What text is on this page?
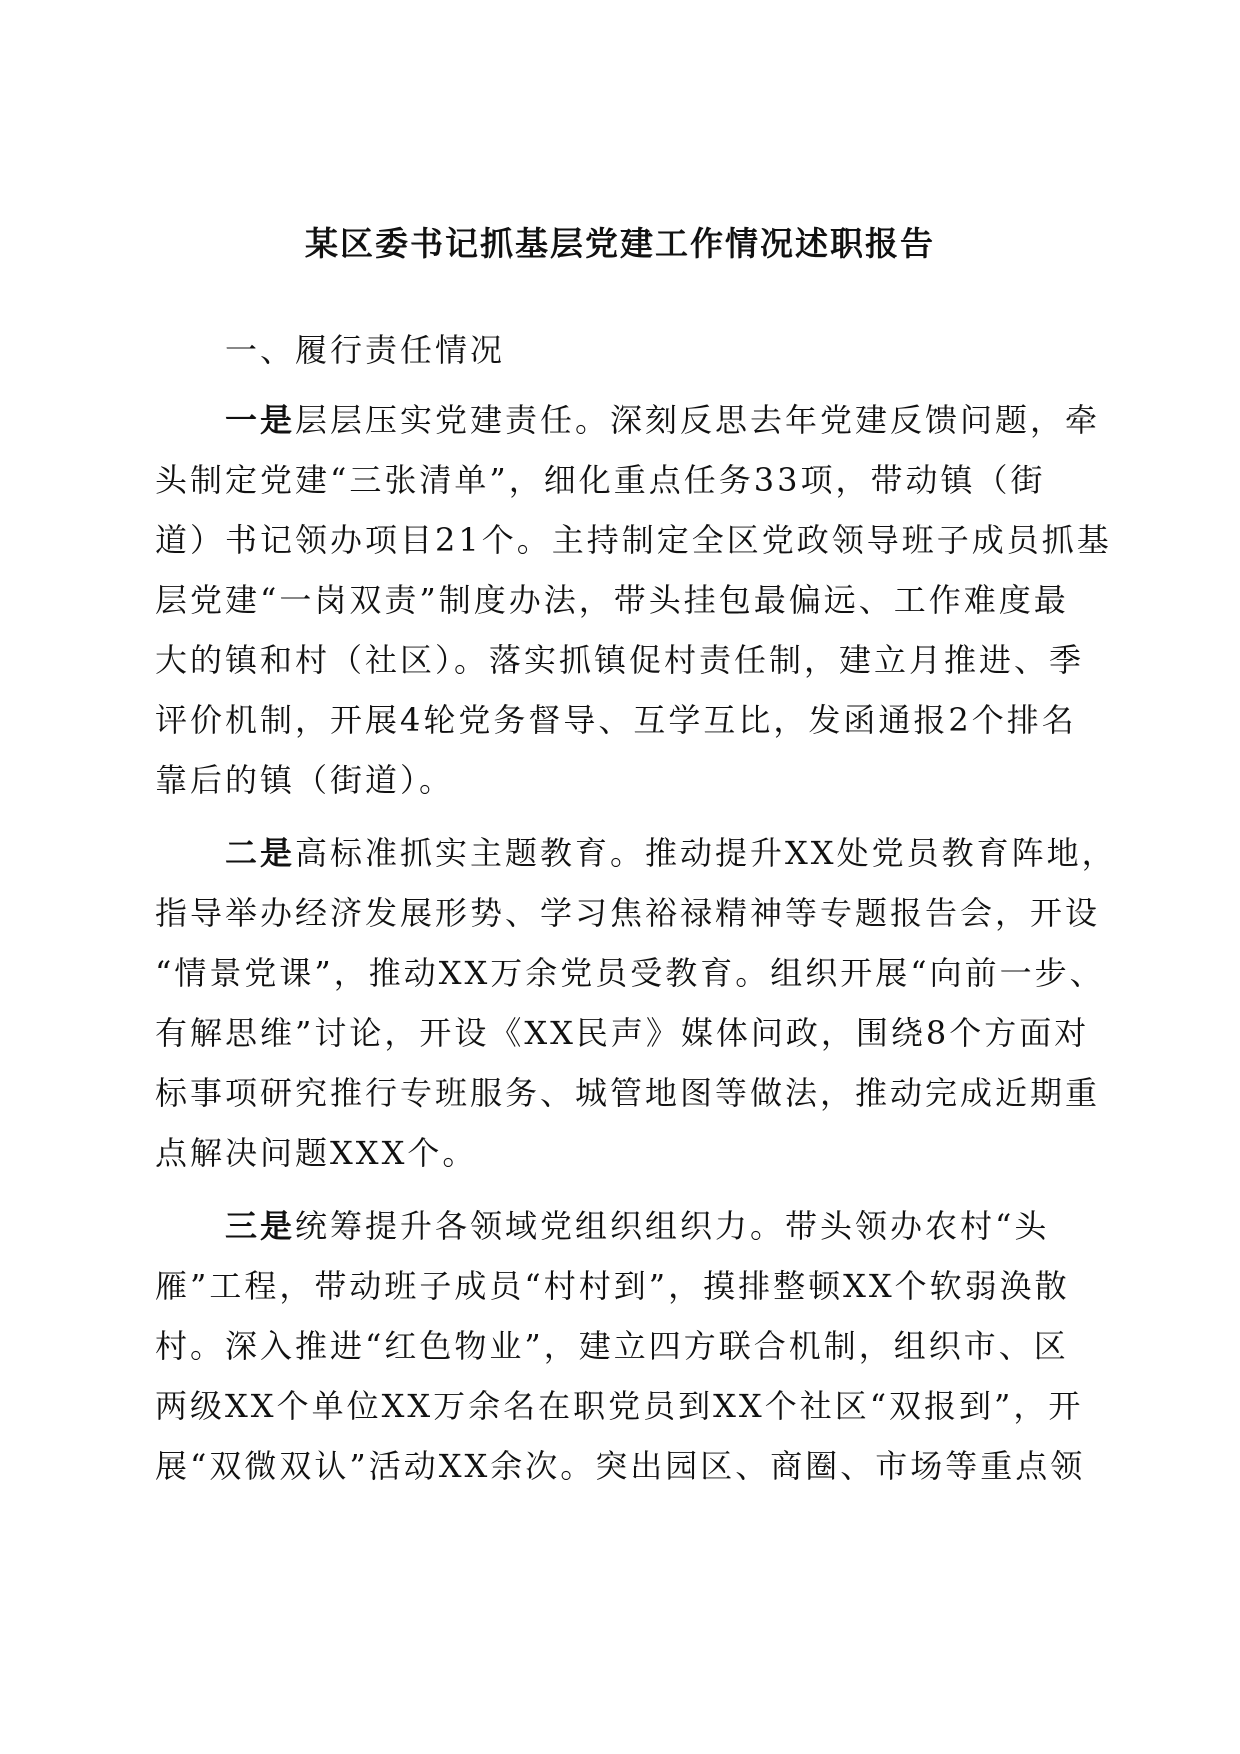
某区委书记抓基层党建工作情况述职报告
一、履行责任情况
一是层层压实党建责任。深刻反思去年党建反馈问题，牵
头制定党建“三张清单”，细化重点任务33项，带动镇（街
道）书记领办项目21个。主持制定全区党政领导班子成员抓基
层党建“一岗双责”制度办法，带头挂包最偏远、工作难度最
大的镇和村（社区）。落实抓镇促村责任制，建立月推进、季
评价机制，开展4轮党务督导、互学互比，发函通报2个排名
靠后的镇（街道）。
二是高标准抓实主题教育。推动提升XX处党员教育阵地，
指导举办经济发展形势、学习焦裕禄精神等专题报告会，开设
“情景党课”，推动XX万余党员受教育。组织开展“向前一步、
有解思维”讨论，开设《XX民声》媒体问政，围绕8个方面对
标事项研究推行专班服务、城管地图等做法，推动完成近期重
点解决问题XXX个。
三是统筹提升各领域党组织组织力。带头领办农村“头
雁”工程，带动班子成员“村村到”，摸排整顿XX个软弱涣散
村。深入推进“红色物业”，建立四方联合机制，组织市、区
两级XX个单位XX万余名在职党员到XX个社区“双报到”，开
展“双微双认”活动XX余次。突出园区、商圈、市场等重点领
